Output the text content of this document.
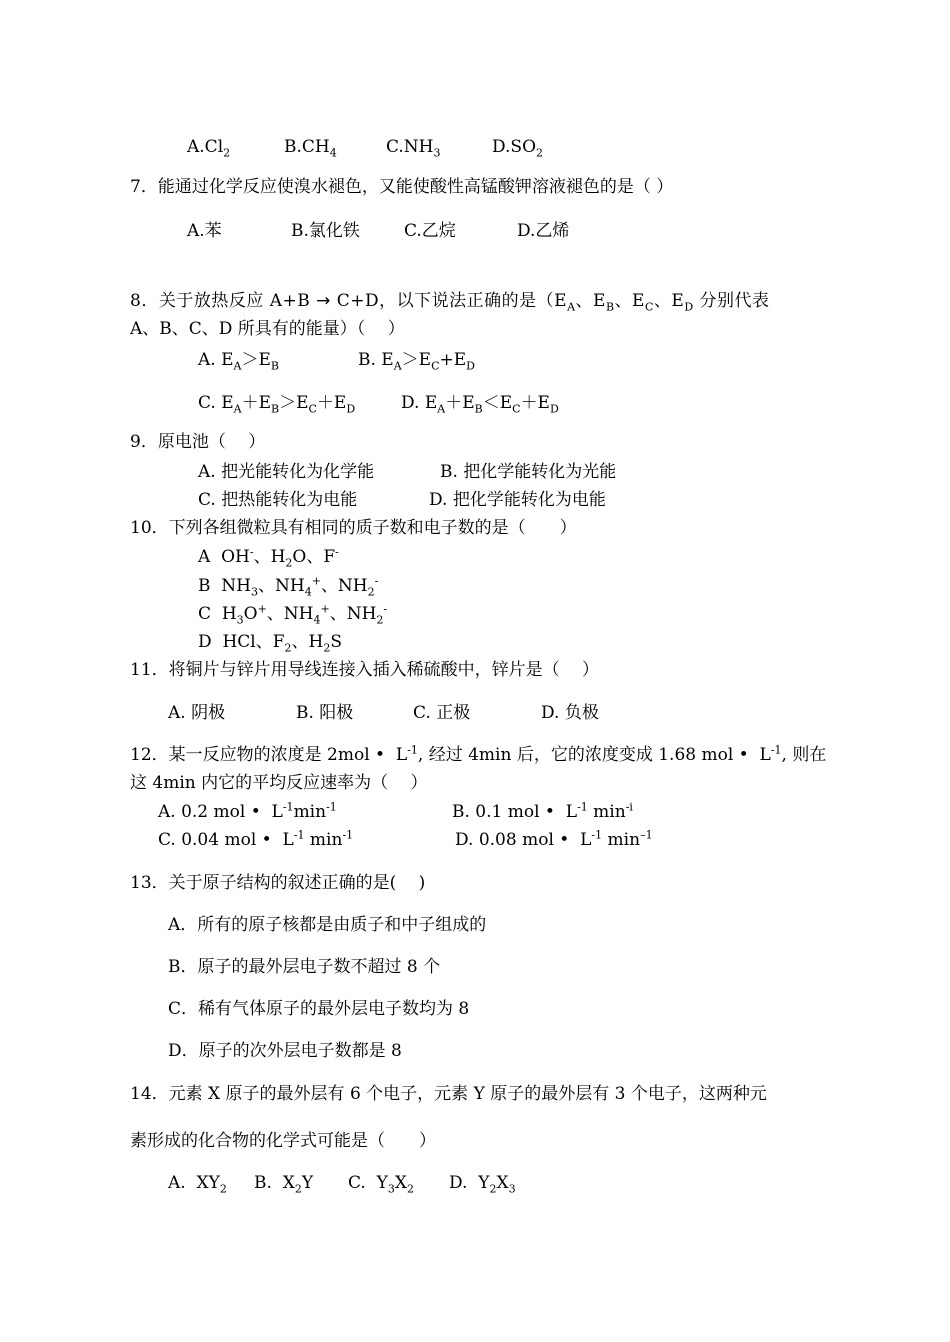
$A.Cl_2$	$B.CH_4$	$C.NH_3$	$D.SO_2$
7．能通过化学反应使溴水褪色，又能使酸性高锰酸钾溶液褪色的是（ ）
A.苯	B.氯化铁	C.乙烷	D.乙烯
8．关于放热反应 A+B → C+D，以下说法正确的是（$E_A$、$E_B$、$E_C$、$E_D$ 分别代表
A、B、C、D 所具有的能量）（　 ）
A. $E_A>E_B$	B. $E_A>E_C+E_D$
C. $E_A+E_B>E_C+E_D$	D. $E_A+E_B<E_C+E_D$
9．原电池（　 ）
A. 把光能转化为化学能	B. 把化学能转化为光能
C. 把热能转化为电能	D. 把化学能转化为电能
10．下列各组微粒具有相同的质子数和电子数的是（　　）
A  OH-、$H_2O$、F-
B  $NH_3$、$NH_4^+$、$NH_2^-$
C  $H_3O^+$、$NH_4^+$、$NH_2^-$
D  HCl、$F_2$、$H_2S$
11．将铜片与锌片用导线连接入插入稀硫酸中，锌片是（　 ）
A. 阴极	B. 阳极	C. 正极	D. 负极
12．某一反应物的浓度是 2mol •  $L^{-1}$, 经过 4min 后，它的浓度变成 1.68 mol •  $L^{-1}$, 则在
这 4min 内它的平均反应速率为（　 ）
A. 0.2 mol •  $L^{-1}\min^{-1}$	B. 0.1 mol •  $L^{-1}$ $\min^{-i}$
C. 0.04 mol •  $L^{-1}$ $\min^{-1}$	D. 0.08 mol •  $L^{-1}$ $\min^{-1}$
13．关于原子结构的叙述正确的是(　 )
A．所有的原子核都是由质子和中子组成的
B．原子的最外层电子数不超过 8 个
C．稀有气体原子的最外层电子数均为 8
D．原子的次外层电子数都是 8
14．元素 X 原子的最外层有 6 个电子，元素 Y 原子的最外层有 3 个电子，这两种元
素形成的化合物的化学式可能是（　　）
A.  $XY_2$ B.  $X_2Y$ C.  $Y_3X_2$ D.  $Y_2X_3$
